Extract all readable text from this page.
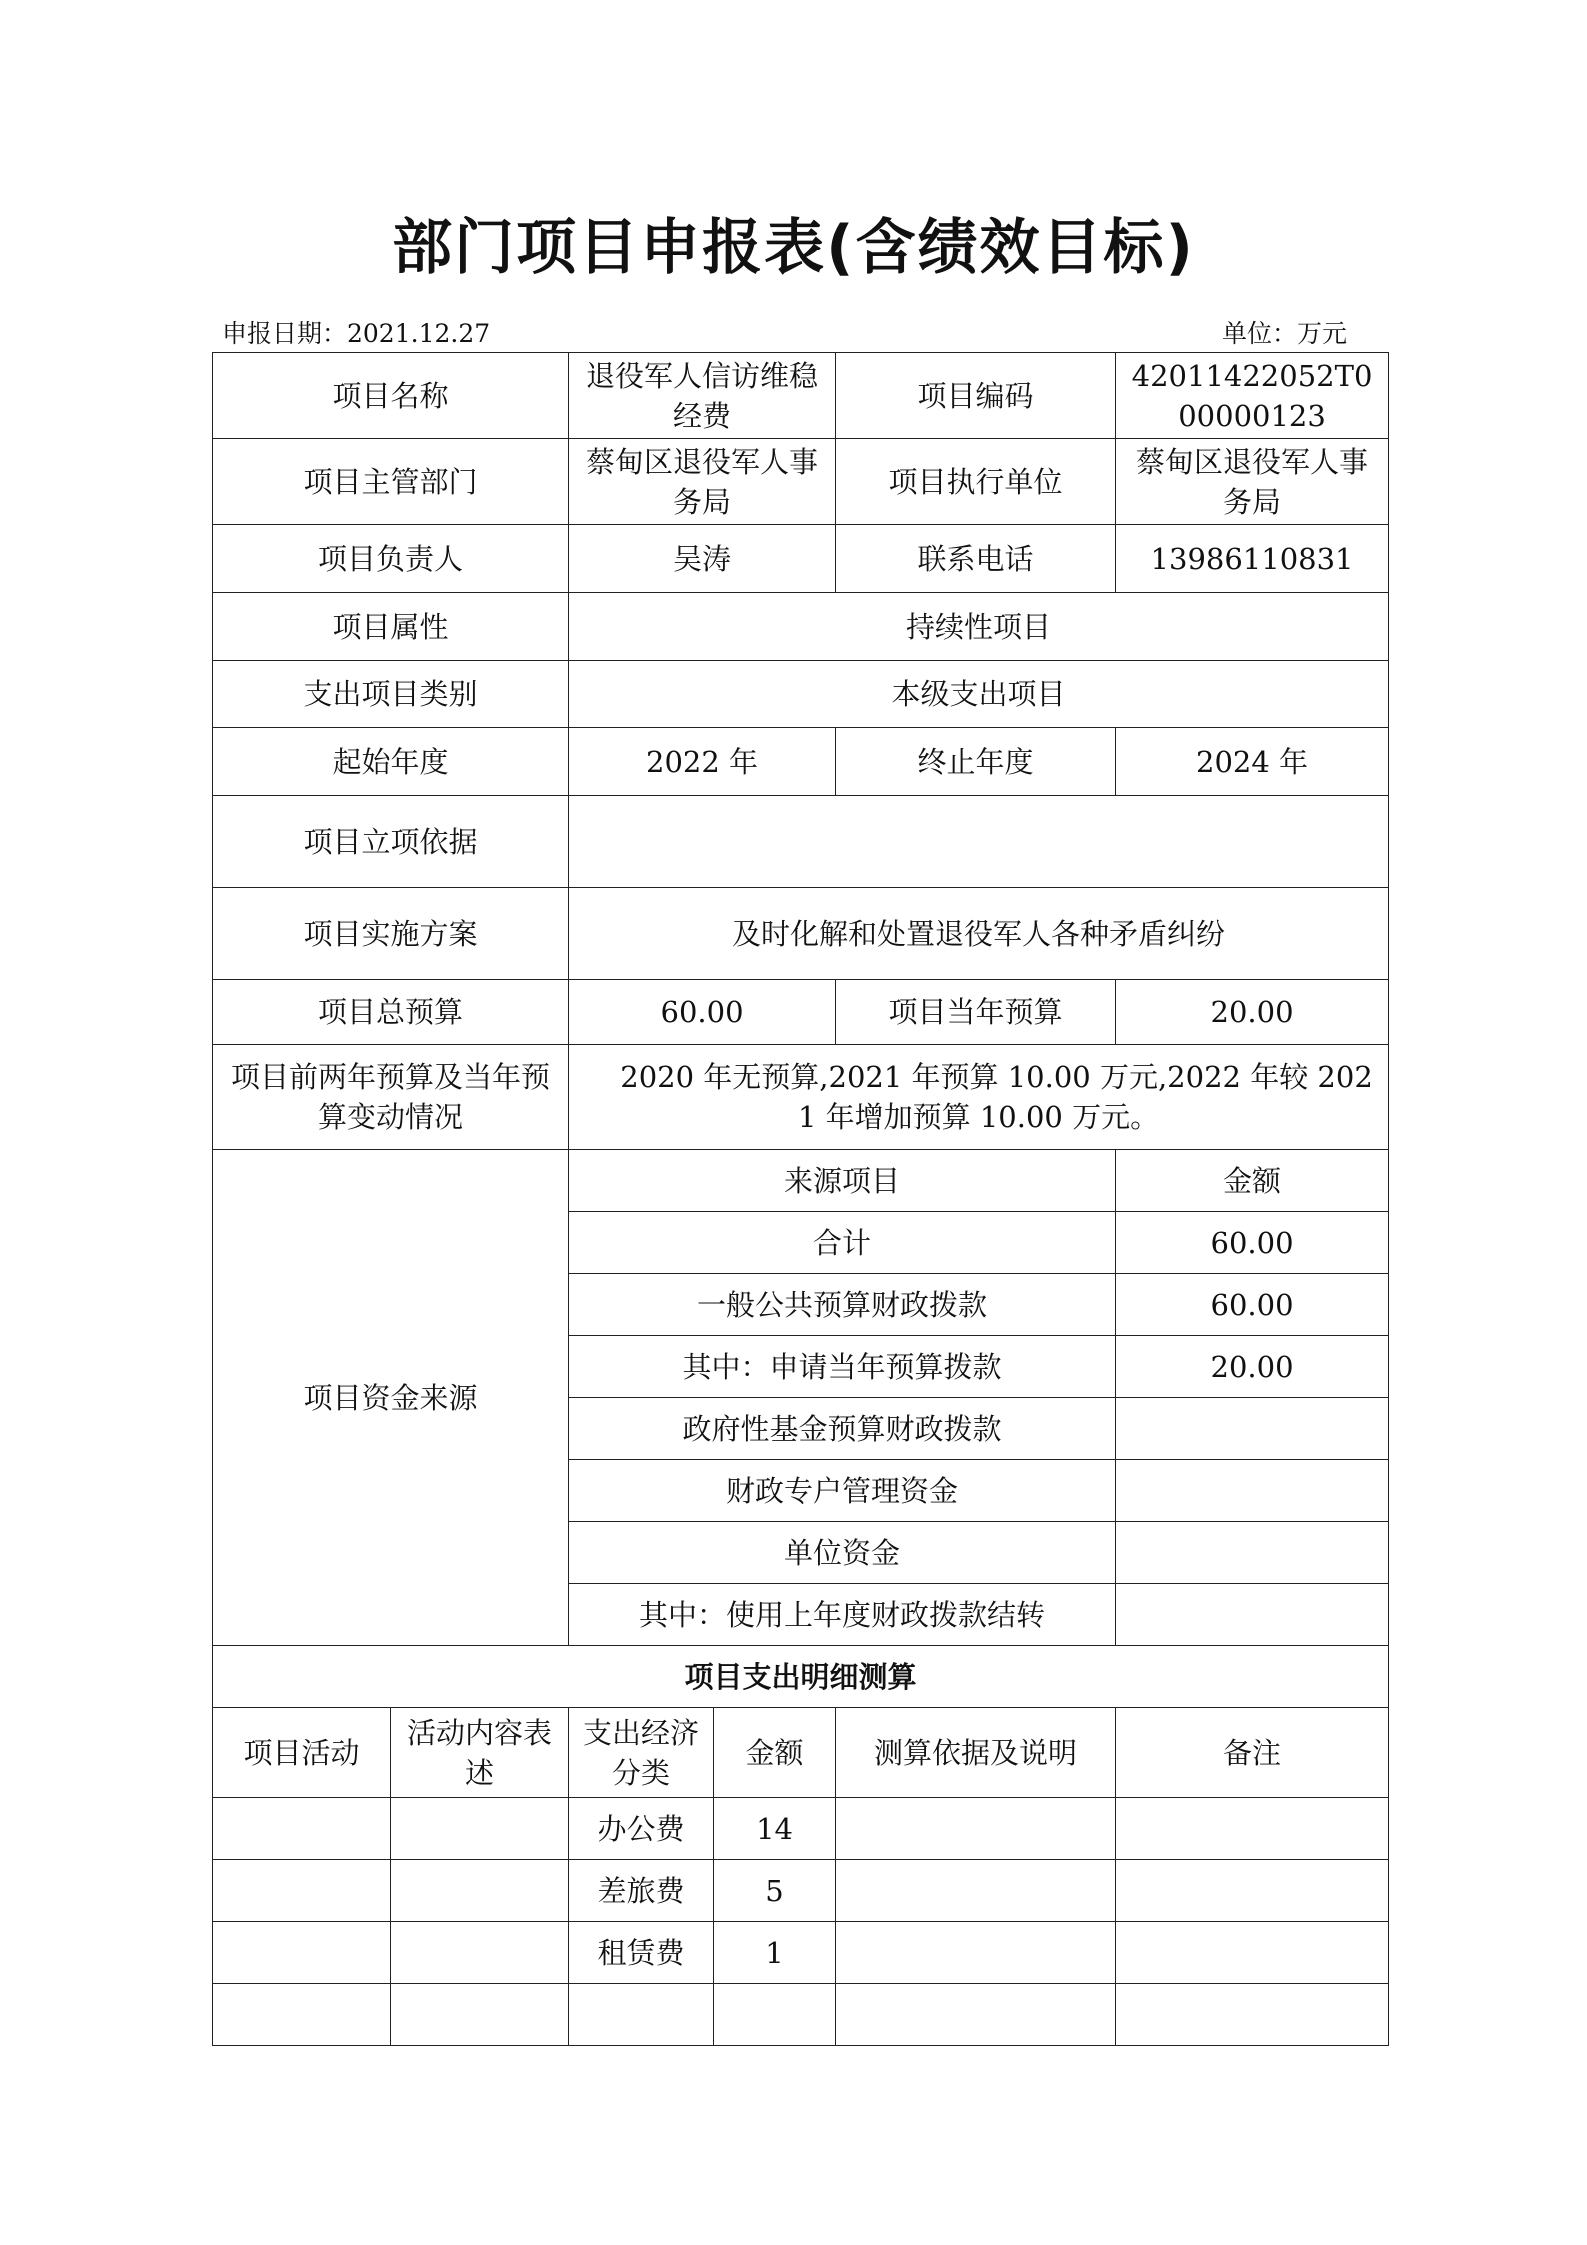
部门项目申报表(含绩效目标)
申报日期：2021.12.27	单位：万元
项目名称		退役军人信访维稳经费		项目编码	42011422052T000000123
项目主管部门		蔡甸区退役军人事务局		项目执行单位	蔡甸区退役军人事务局
项目负责人		吴涛		联系电话	13986110831
项目属性		持续性项目			
支出项目类别		本级支出项目			
起始年度		2022 年		终止年度	2024 年
项目立项依据					
项目实施方案		及时化解和处置退役军人各种矛盾纠纷			
项目总预算		60.00		项目当年预算	20.00
项目前两年预算及当年预算变动情况		2020 年无预算,2021 年预算 10.00 万元,2022 年较 2021 年增加预算 10.00 万元。			
项目资金来源		来源项目			金额
		合计			60.00
		一般公共预算财政拨款			60.00
		其中：申请当年预算拨款			20.00
		政府性基金预算财政拨款			
		财政专户管理资金			
		单位资金			
		其中：使用上年度财政拨款结转			
项目支出明细测算					
项目活动	活动内容表述	支出经济分类	金额	测算依据及说明	备注
		办公费	14		
		差旅费	5		
		租赁费	1		
